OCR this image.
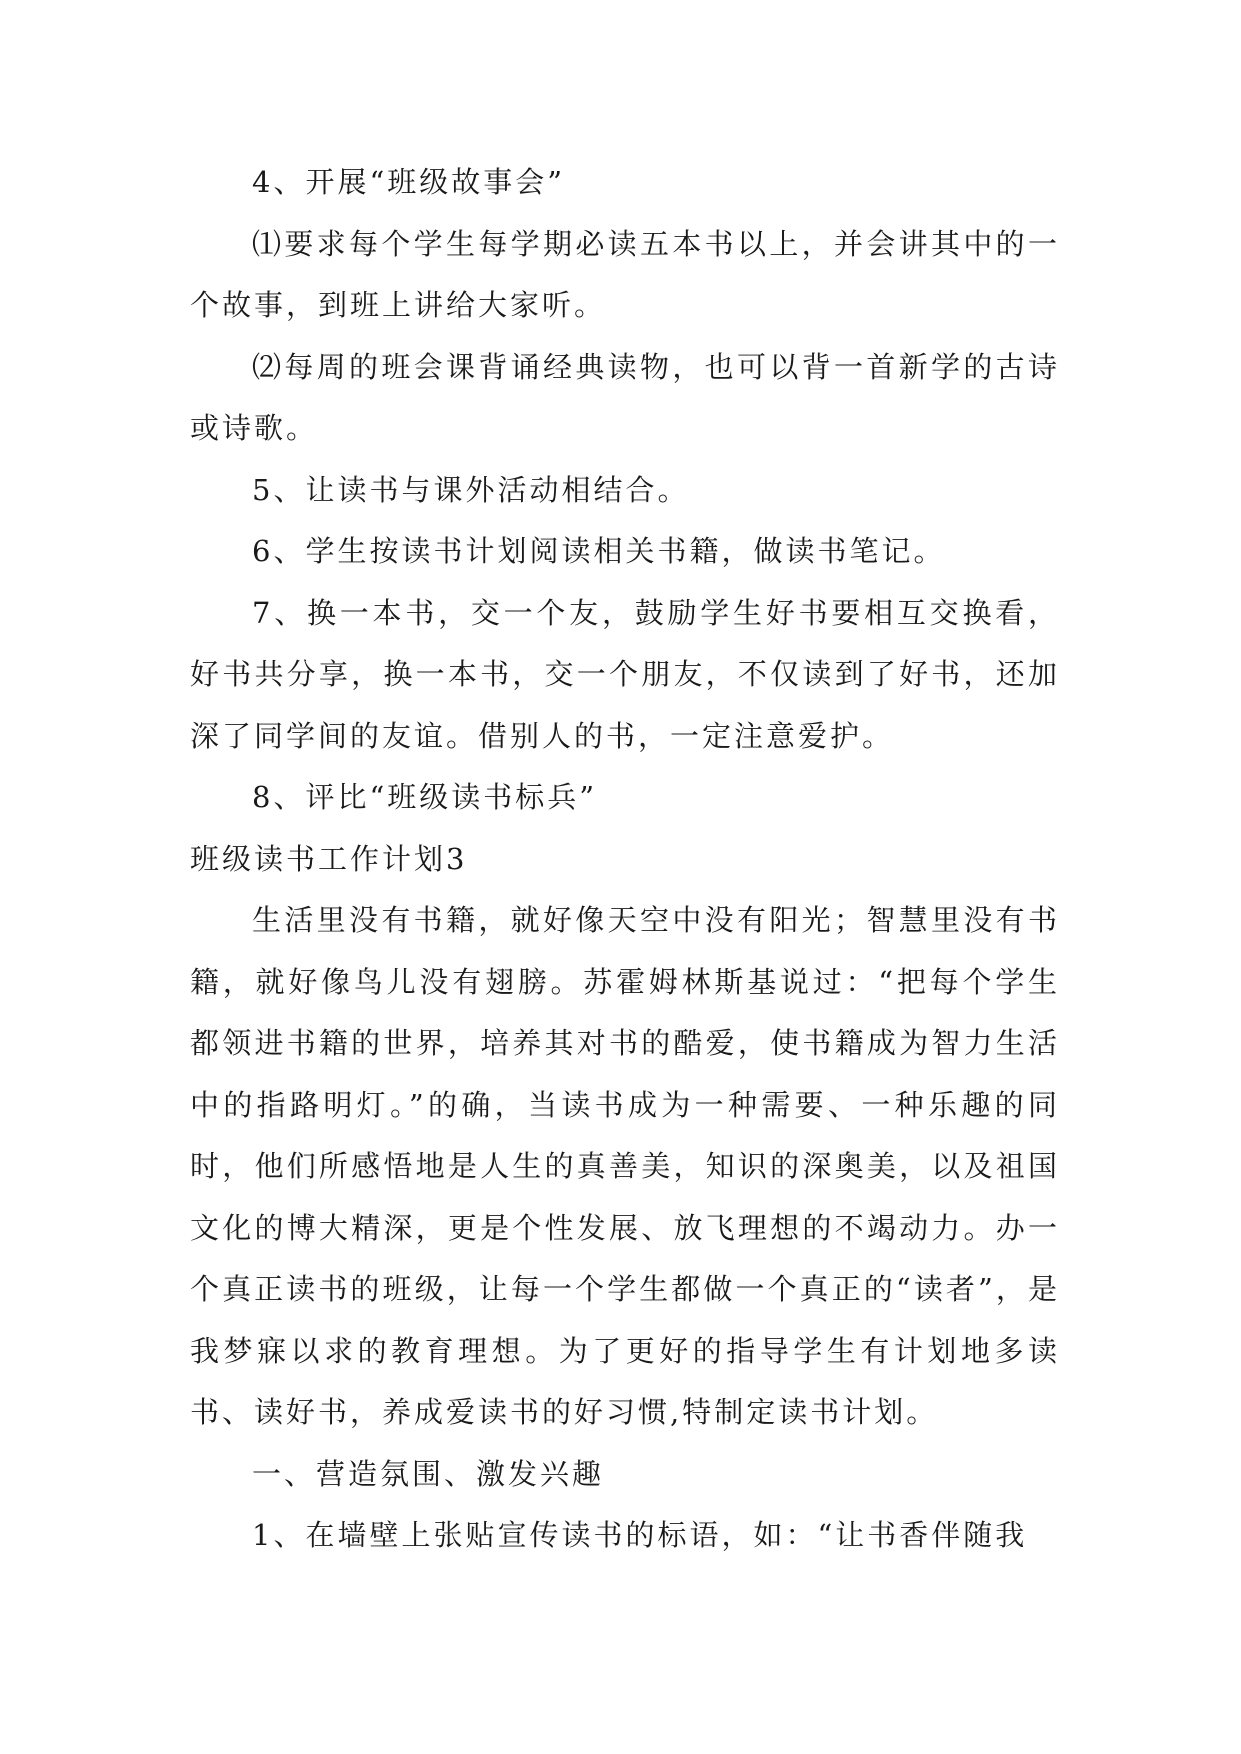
4、开展“班级故事会”

⑴要求每个学生每学期必读五本书以上，并会讲其中的一个故事，到班上讲给大家听。

⑵每周的班会课背诵经典读物，也可以背一首新学的古诗或诗歌。

5、让读书与课外活动相结合。

6、学生按读书计划阅读相关书籍，做读书笔记。

7、换一本书，交一个友，鼓励学生好书要相互交换看，好书共分享，换一本书，交一个朋友，不仅读到了好书，还加深了同学间的友谊。借别人的书，一定注意爱护。

8、评比“班级读书标兵”

班级读书工作计划3

生活里没有书籍，就好像天空中没有阳光；智慧里没有书籍，就好像鸟儿没有翅膀。苏霍姆林斯基说过：“把每个学生都领进书籍的世界，培养其对书的酷爱，使书籍成为智力生活中的指路明灯。”的确，当读书成为一种需要、一种乐趣的同时，他们所感悟地是人生的真善美，知识的深奥美，以及祖国文化的博大精深，更是个性发展、放飞理想的不竭动力。办一个真正读书的班级，让每一个学生都做一个真正的“读者”，是我梦寐以求的教育理想。为了更好的指导学生有计划地多读书、读好书，养成爱读书的好习惯,特制定读书计划。

一、营造氛围、激发兴趣

1、在墙壁上张贴宣传读书的标语，如：“让书香伴随我
